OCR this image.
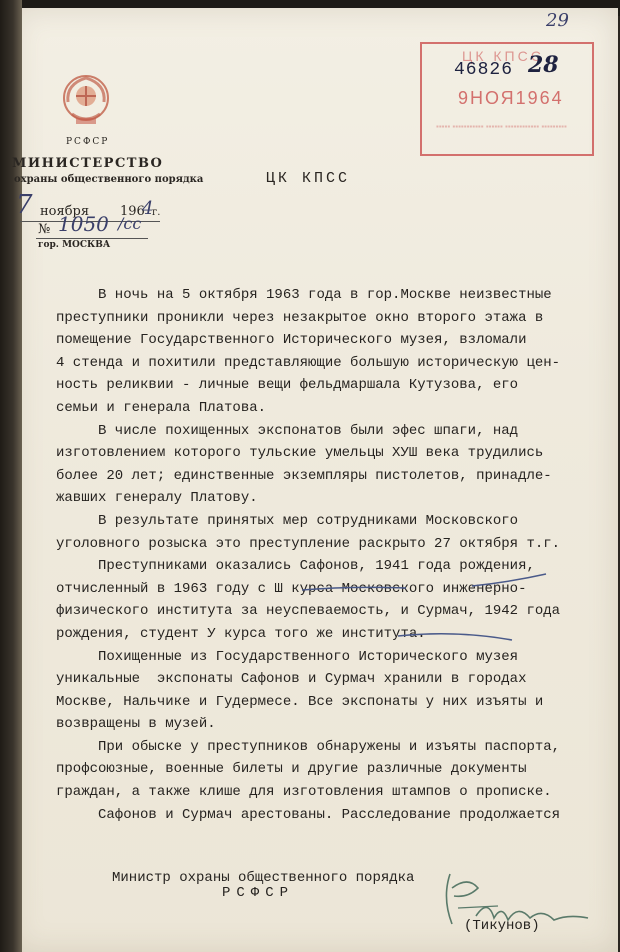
29
РСФСР
МИНИСТЕРСТВО
охраны общественного порядка
7 ноября 196
4
г.
№ 1050 /сс
гор. МОСКВА
ЦК КПСС
9НОЯ1964
▪▪▪▪▪ ▪▪▪▪▪▪▪▪▪▪▪ ▪▪▪▪▪▪ ▪▪▪▪▪▪▪▪▪▪▪▪ ▪▪▪▪▪▪▪▪▪
46826 28
ЦК КПСС
В ночь на 5 октября 1963 года в гор.Москве неизвестные
преступники проникли через незакрытое окно второго этажа в
помещение Государственного Исторического музея, взломали
4 стенда и похитили представляющие большую историческую цен-
ность реликвии - личные вещи фельдмаршала Кутузова, его
семьи и генерала Платова.
В числе похищенных экспонатов были эфес шпаги, над
изготовлением которого тульские умельцы ХУШ века трудились
более 20 лет; единственные экземпляры пистолетов, принадле-
жавших генералу Платову.
В результате принятых мер сотрудниками Московского
уголовного розыска это преступление раскрыто 27 октября т.г.
Преступниками оказались Сафонов, 1941 года рождения,
отчисленный в 1963 году с Ш курса Московского инженерно-
физического института за неуспеваемость, и Сурмач, 1942 года
рождения, студент У курса того же института.
Похищенные из Государственного Исторического музея
уникальные  экспонаты Сафонов и Сурмач хранили в городах
Москве, Нальчике и Гудермесе. Все экспонаты у них изъяты и
возвращены в музей.
При обыске у преступников обнаружены и изъяты паспорта,
профсоюзные, военные билеты и другие различные документы
граждан, а также клише для изготовления штампов о прописке.
Сафонов и Сурмач арестованы. Расследование продолжается
Министр охраны общественного порядка
РСФСР
(Тикунов)
